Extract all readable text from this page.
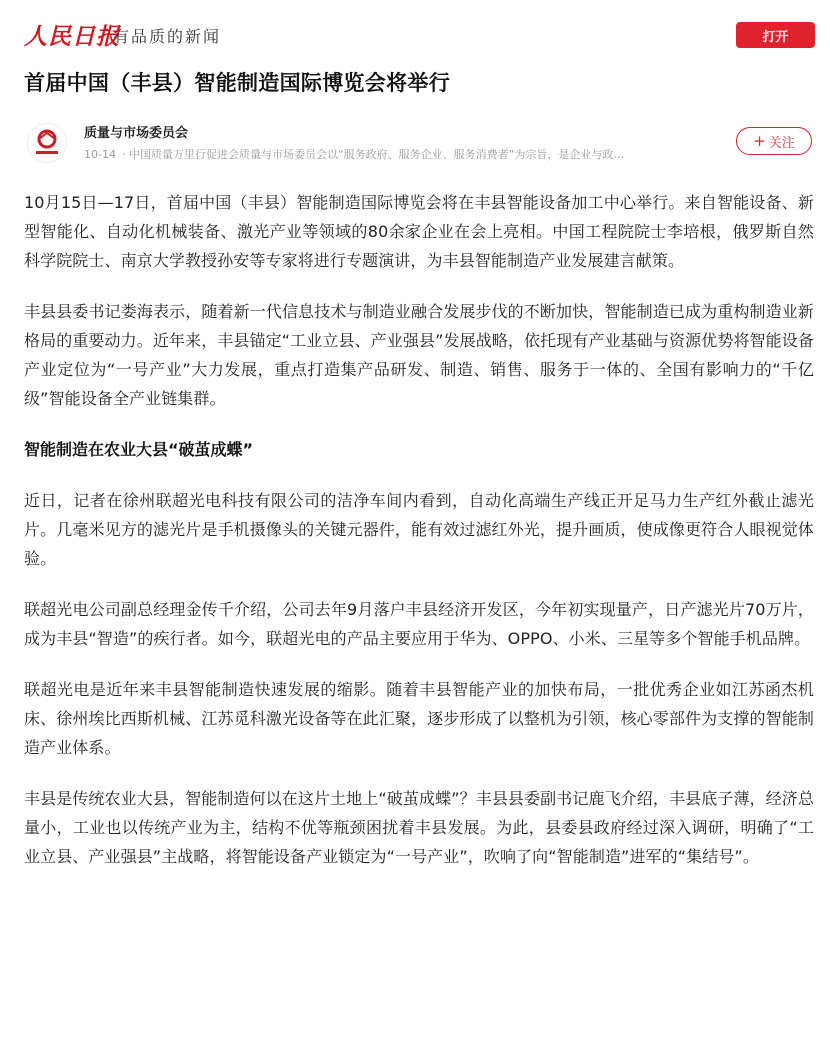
人民日报
有品质的新闻	打开
首届中国（丰县）智能制造国际博览会将举行
质量与市场委员会
10-14 · 中国质量万里行促进会质量与市场委员会以“服务政府、服务企业、服务消费者”为宗旨，是企业与政…
+ 关注

10月15日—17日，首届中国（丰县）智能制造国际博览会将在丰县智能设备加工中心举行。来自智能设备、新型智能化、自动化机械装备、激光产业等领域的80余家企业在会上亮相。中国工程院院士李培根，俄罗斯自然科学院院士、南京大学教授孙安等专家将进行专题演讲，为丰县智能制造产业发展建言献策。

丰县县委书记娄海表示，随着新一代信息技术与制造业融合发展步伐的不断加快，智能制造已成为重构制造业新格局的重要动力。近年来，丰县锚定“工业立县、产业强县”发展战略，依托现有产业基础与资源优势将智能设备产业定位为“一号产业”大力发展，重点打造集产品研发、制造、销售、服务于一体的、全国有影响力的“千亿级”智能设备全产业链集群。

智能制造在农业大县“破茧成蝶”

近日，记者在徐州联超光电科技有限公司的洁净车间内看到，自动化高端生产线正开足马力生产红外截止滤光片。几毫米见方的滤光片是手机摄像头的关键元器件，能有效过滤红外光，提升画质，使成像更符合人眼视觉体验。

联超光电公司副总经理金传千介绍，公司去年9月落户丰县经济开发区，今年初实现量产，日产滤光片70万片，成为丰县“智造”的疾行者。如今，联超光电的产品主要应用于华为、OPPO、小米、三星等多个智能手机品牌。

联超光电是近年来丰县智能制造快速发展的缩影。随着丰县智能产业的加快布局，一批优秀企业如江苏函杰机床、徐州埃比西斯机械、江苏觅科激光设备等在此汇聚，逐步形成了以整机为引领，核心零部件为支撑的智能制造产业体系。

丰县是传统农业大县，智能制造何以在这片土地上“破茧成蝶”？丰县县委副书记鹿飞介绍，丰县底子薄，经济总量小，工业也以传统产业为主，结构不优等瓶颈困扰着丰县发展。为此，县委县政府经过深入调研，明确了“工业立县、产业强县”主战略，将智能设备产业锁定为“一号产业”，吹响了向“智能制造”进军的“集结号”。
